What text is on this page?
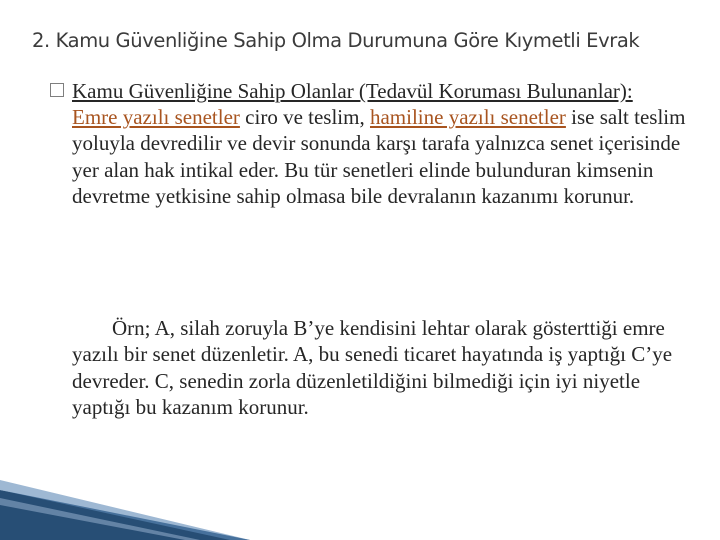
2. Kamu Güvenliğine Sahip Olma Durumuna Göre Kıymetli Evrak
Kamu Güvenliğine Sahip Olanlar (Tedavül Koruması Bulunanlar):
Emre yazılı senetler ciro ve teslim, hamiline yazılı senetler ise salt teslim yoluyla devredilir ve devir sonunda karşı tarafa yalnızca senet içerisinde yer alan hak intikal eder. Bu tür senetleri elinde bulunduran kimsenin devretme yetkisine sahip olmasa bile devralanın kazanımı korunur.
Örn; A, silah zoruyla B’ye kendisini lehtar olarak gösterttiği emre yazılı bir senet düzenletir. A, bu senedi ticaret hayatında iş yaptığı C’ye devreder. C, senedin zorla düzenletildiğini bilmediği için iyi niyetle yaptığı bu kazanım korunur.
